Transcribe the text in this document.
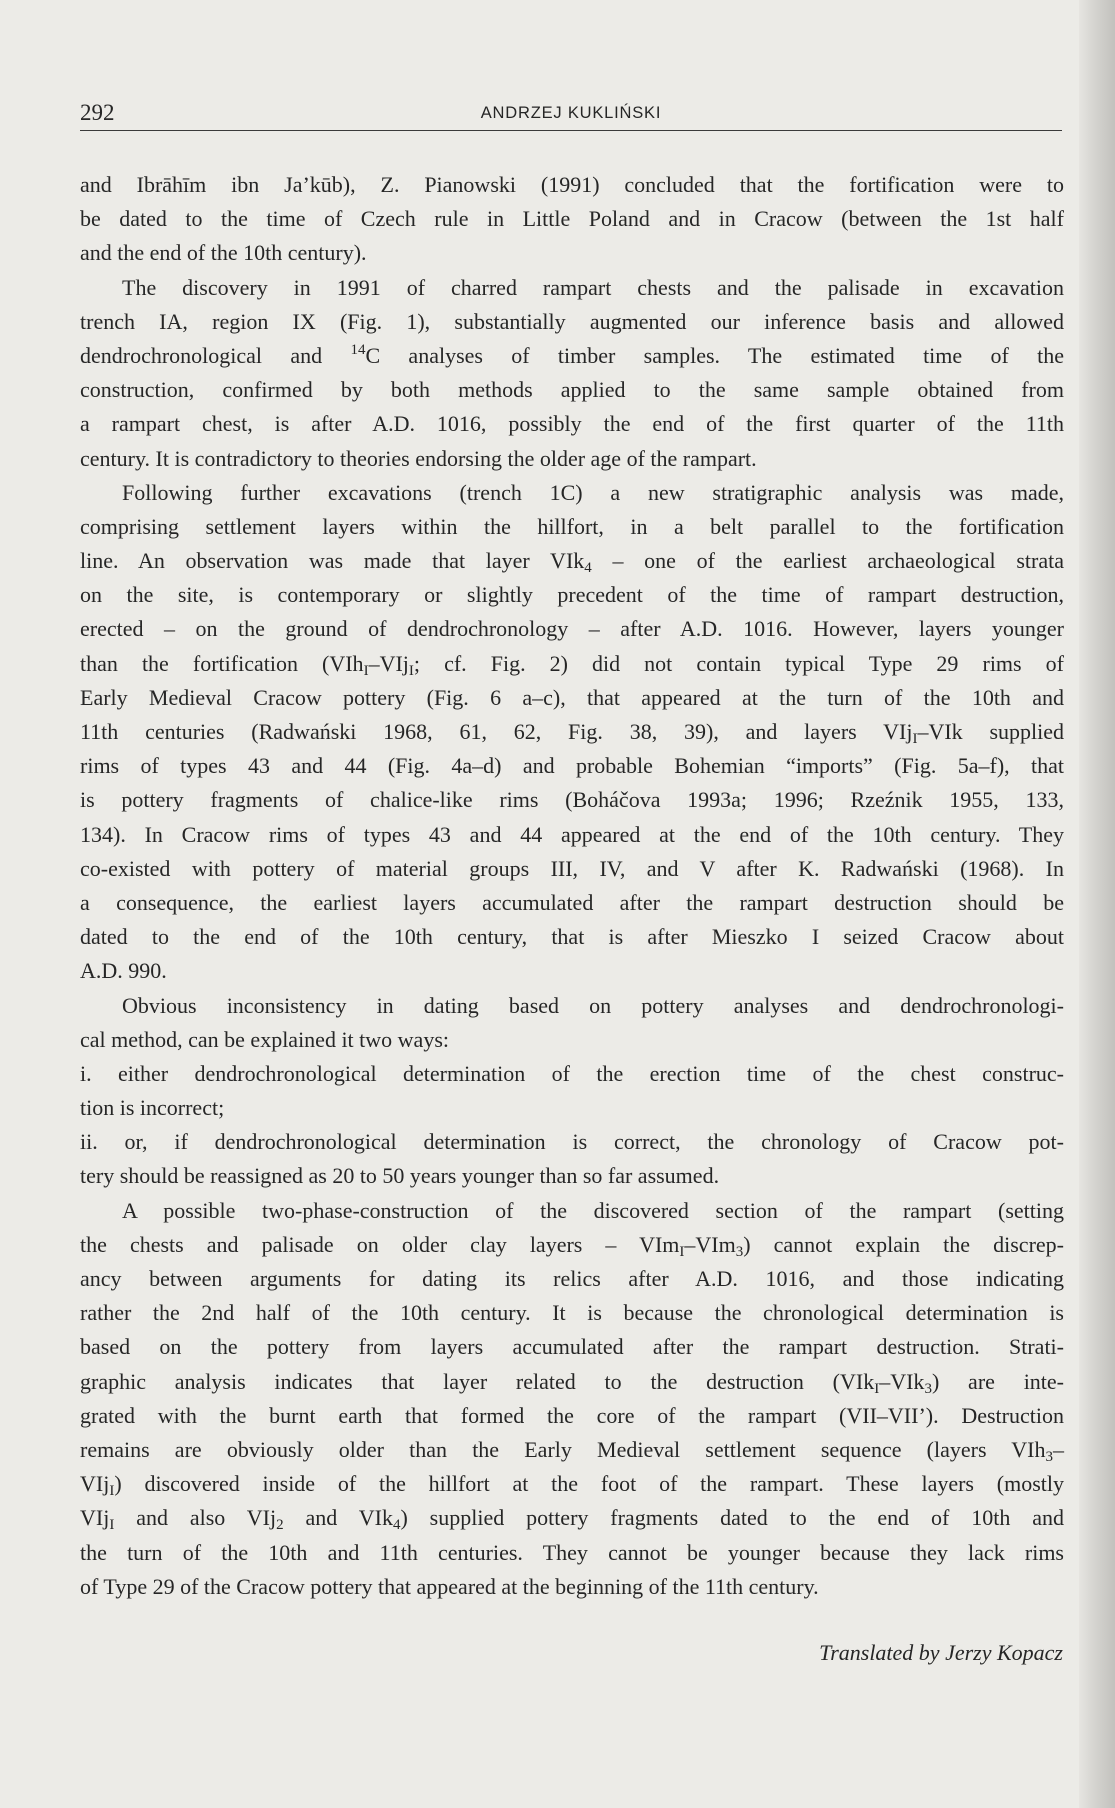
292	ANDRZEJ KUKLIŃSKI
and Ibrāhīm ibn Ja’kūb), Z. Pianowski (1991) concluded that the fortification were to
be dated to the time of Czech rule in Little Poland and in Cracow (between the 1st half
and the end of the 10th century).
The discovery in 1991 of charred rampart chests and the palisade in excavation
trench IA, region IX (Fig. 1), substantially augmented our inference basis and allowed
dendrochronological and $^{14}$C analyses of timber samples. The estimated time of the
construction, confirmed by both methods applied to the same sample obtained from
a rampart chest, is after A.D. 1016, possibly the end of the first quarter of the 11th
century. It is contradictory to theories endorsing the older age of the rampart.
Following further excavations (trench 1C) a new stratigraphic analysis was made,
comprising settlement layers within the hillfort, in a belt parallel to the fortification
line. An observation was made that layer VIk$_4$ – one of the earliest archaeological strata
on the site, is contemporary or slightly precedent of the time of rampart destruction,
erected – on the ground of dendrochronology – after A.D. 1016. However, layers younger
than the fortification (VIh$_I$–VIj$_I$; cf. Fig. 2) did not contain typical Type 29 rims of
Early Medieval Cracow pottery (Fig. 6 a–c), that appeared at the turn of the 10th and
11th centuries (Radwański 1968, 61, 62, Fig. 38, 39), and layers VIj$_I$–VIk supplied
rims of types 43 and 44 (Fig. 4a–d) and probable Bohemian “imports” (Fig. 5a–f), that
is pottery fragments of chalice-like rims (Boháčova 1993a; 1996; Rzeźnik 1955, 133,
134). In Cracow rims of types 43 and 44 appeared at the end of the 10th century. They
co-existed with pottery of material groups III, IV, and V after K. Radwański (1968). In
a consequence, the earliest layers accumulated after the rampart destruction should be
dated to the end of the 10th century, that is after Mieszko I seized Cracow about
A.D. 990.
Obvious inconsistency in dating based on pottery analyses and dendrochronologi-
cal method, can be explained it two ways:
i. either dendrochronological determination of the erection time of the chest construc-
tion is incorrect;
ii. or, if dendrochronological determination is correct, the chronology of Cracow pot-
tery should be reassigned as 20 to 50 years younger than so far assumed.
A possible two-phase-construction of the discovered section of the rampart (setting
the chests and palisade on older clay layers – VIm$_I$–VIm$_3$) cannot explain the discrep-
ancy between arguments for dating its relics after A.D. 1016, and those indicating
rather the 2nd half of the 10th century. It is because the chronological determination is
based on the pottery from layers accumulated after the rampart destruction. Strati-
graphic analysis indicates that layer related to the destruction (VIk$_I$–VIk$_3$) are inte-
grated with the burnt earth that formed the core of the rampart (VII–VII’). Destruction
remains are obviously older than the Early Medieval settlement sequence (layers VIh$_3$–
VIj$_I$) discovered inside of the hillfort at the foot of the rampart. These layers (mostly
VIj$_I$ and also VIj$_2$ and VIk$_4$) supplied pottery fragments dated to the end of 10th and
the turn of the 10th and 11th centuries. They cannot be younger because they lack rims
of Type 29 of the Cracow pottery that appeared at the beginning of the 11th century.
Translated by Jerzy Kopacz
